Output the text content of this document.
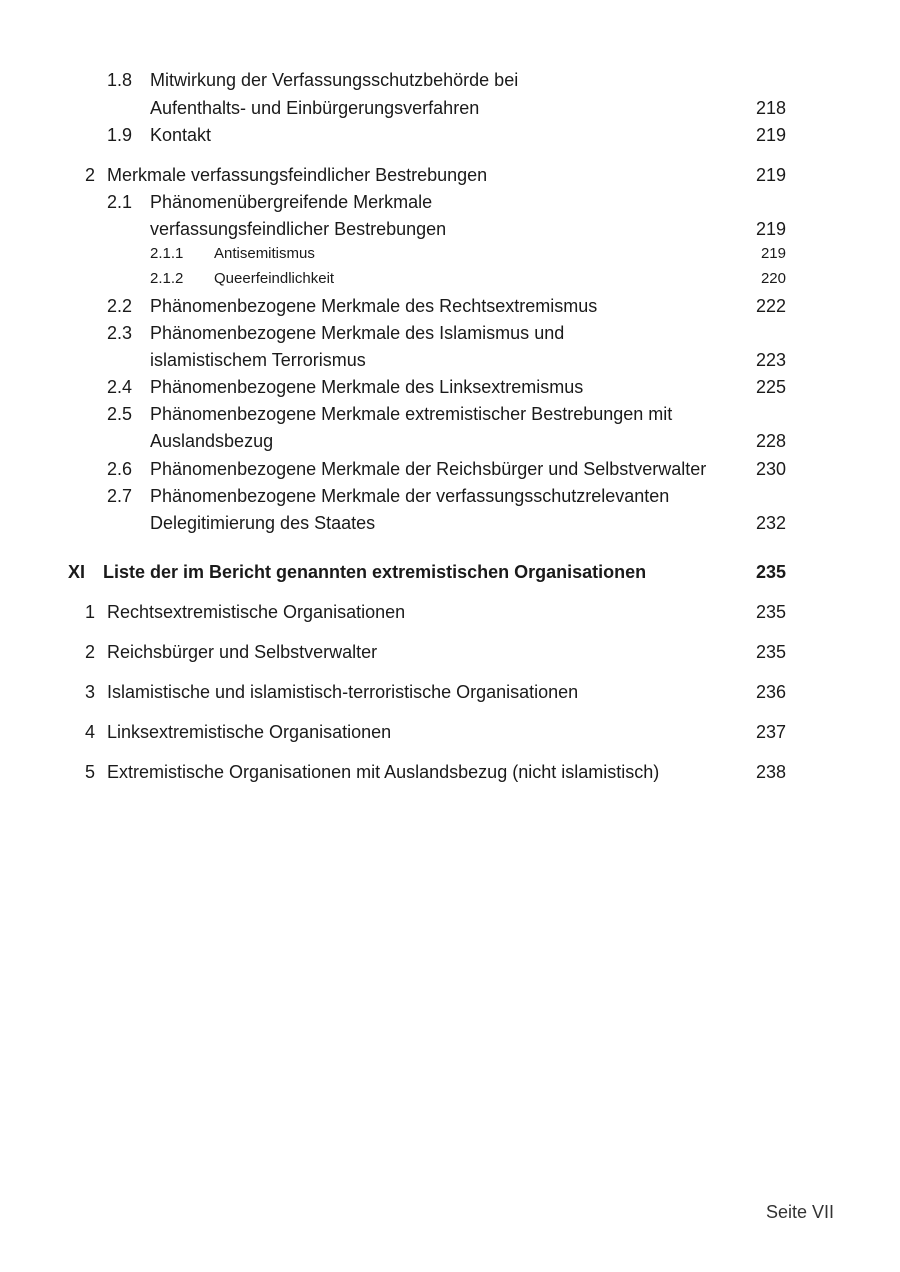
1.8 Mitwirkung der Verfassungsschutzbehörde bei
Aufenthalts- und Einbürgerungsverfahren	218
1.9 Kontakt	219
2 Merkmale verfassungsfeindlicher Bestrebungen	219
2.1 Phänomenübergreifende Merkmale
verfassungsfeindlicher Bestrebungen	219
2.1.1 Antisemitismus	219
2.1.2 Queerfeindlichkeit	220
2.2 Phänomenbezogene Merkmale des Rechtsextremismus	222
2.3 Phänomenbezogene Merkmale des Islamismus und
islamistischem Terrorismus	223
2.4 Phänomenbezogene Merkmale des Linksextremismus	225
2.5 Phänomenbezogene Merkmale extremistischer Bestrebungen mit
Auslandsbezug	228
2.6 Phänomenbezogene Merkmale der Reichsbürger und Selbstverwalter	230
2.7 Phänomenbezogene Merkmale der verfassungsschutzrelevanten
Delegitimierung des Staates	232
XI Liste der im Bericht genannten extremistischen Organisationen	235
1 Rechtsextremistische Organisationen	235
2 Reichsbürger und Selbstverwalter	235
3 Islamistische und islamistisch-terroristische Organisationen	236
4 Linksextremistische Organisationen	237
5 Extremistische Organisationen mit Auslandsbezug (nicht islamistisch)	238
Seite VII
